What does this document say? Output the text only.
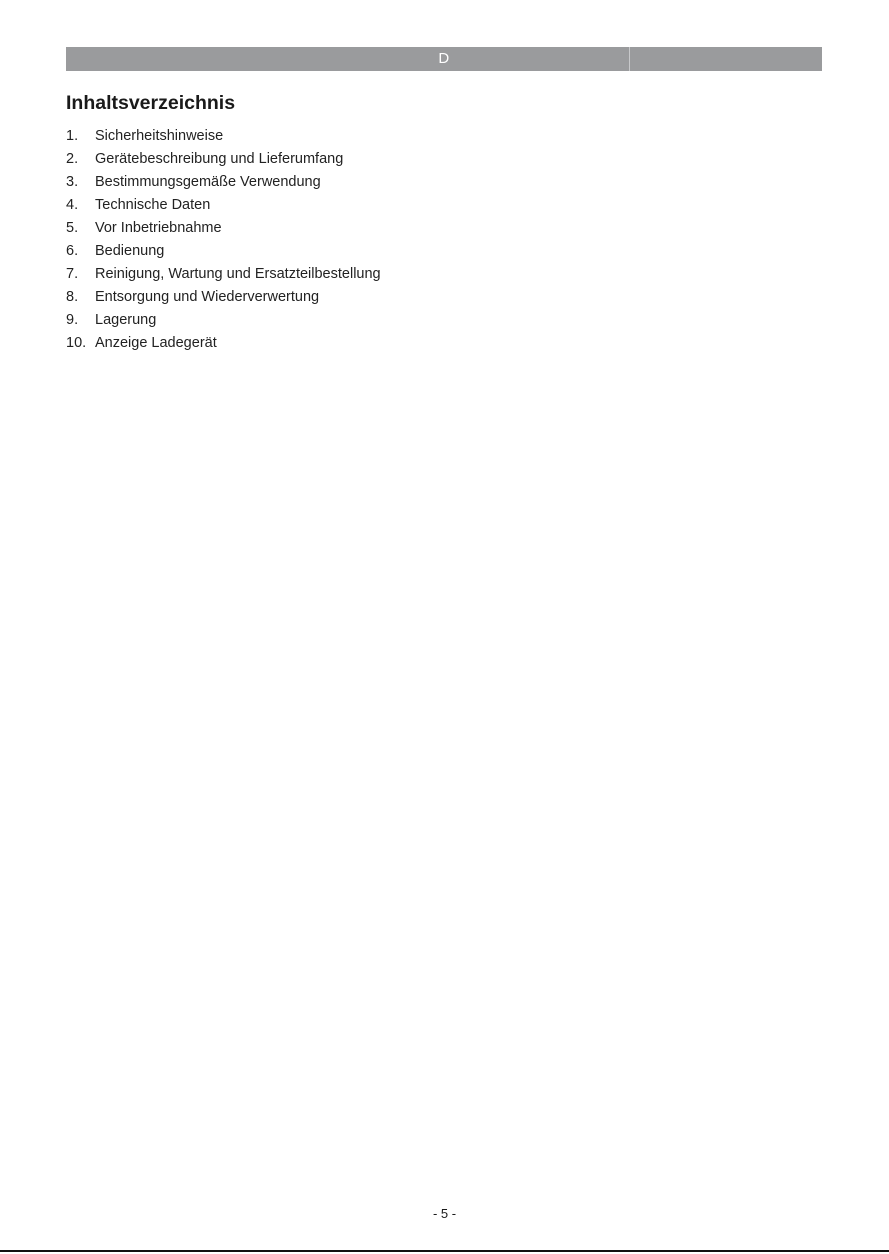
D
Inhaltsverzeichnis
1. Sicherheitshinweise
2. Gerätebeschreibung und Lieferumfang
3. Bestimmungsgemäße Verwendung
4. Technische Daten
5. Vor Inbetriebnahme
6. Bedienung
7. Reinigung, Wartung und Ersatzteilbestellung
8. Entsorgung und Wiederverwertung
9. Lagerung
10. Anzeige Ladegerät
- 5 -
